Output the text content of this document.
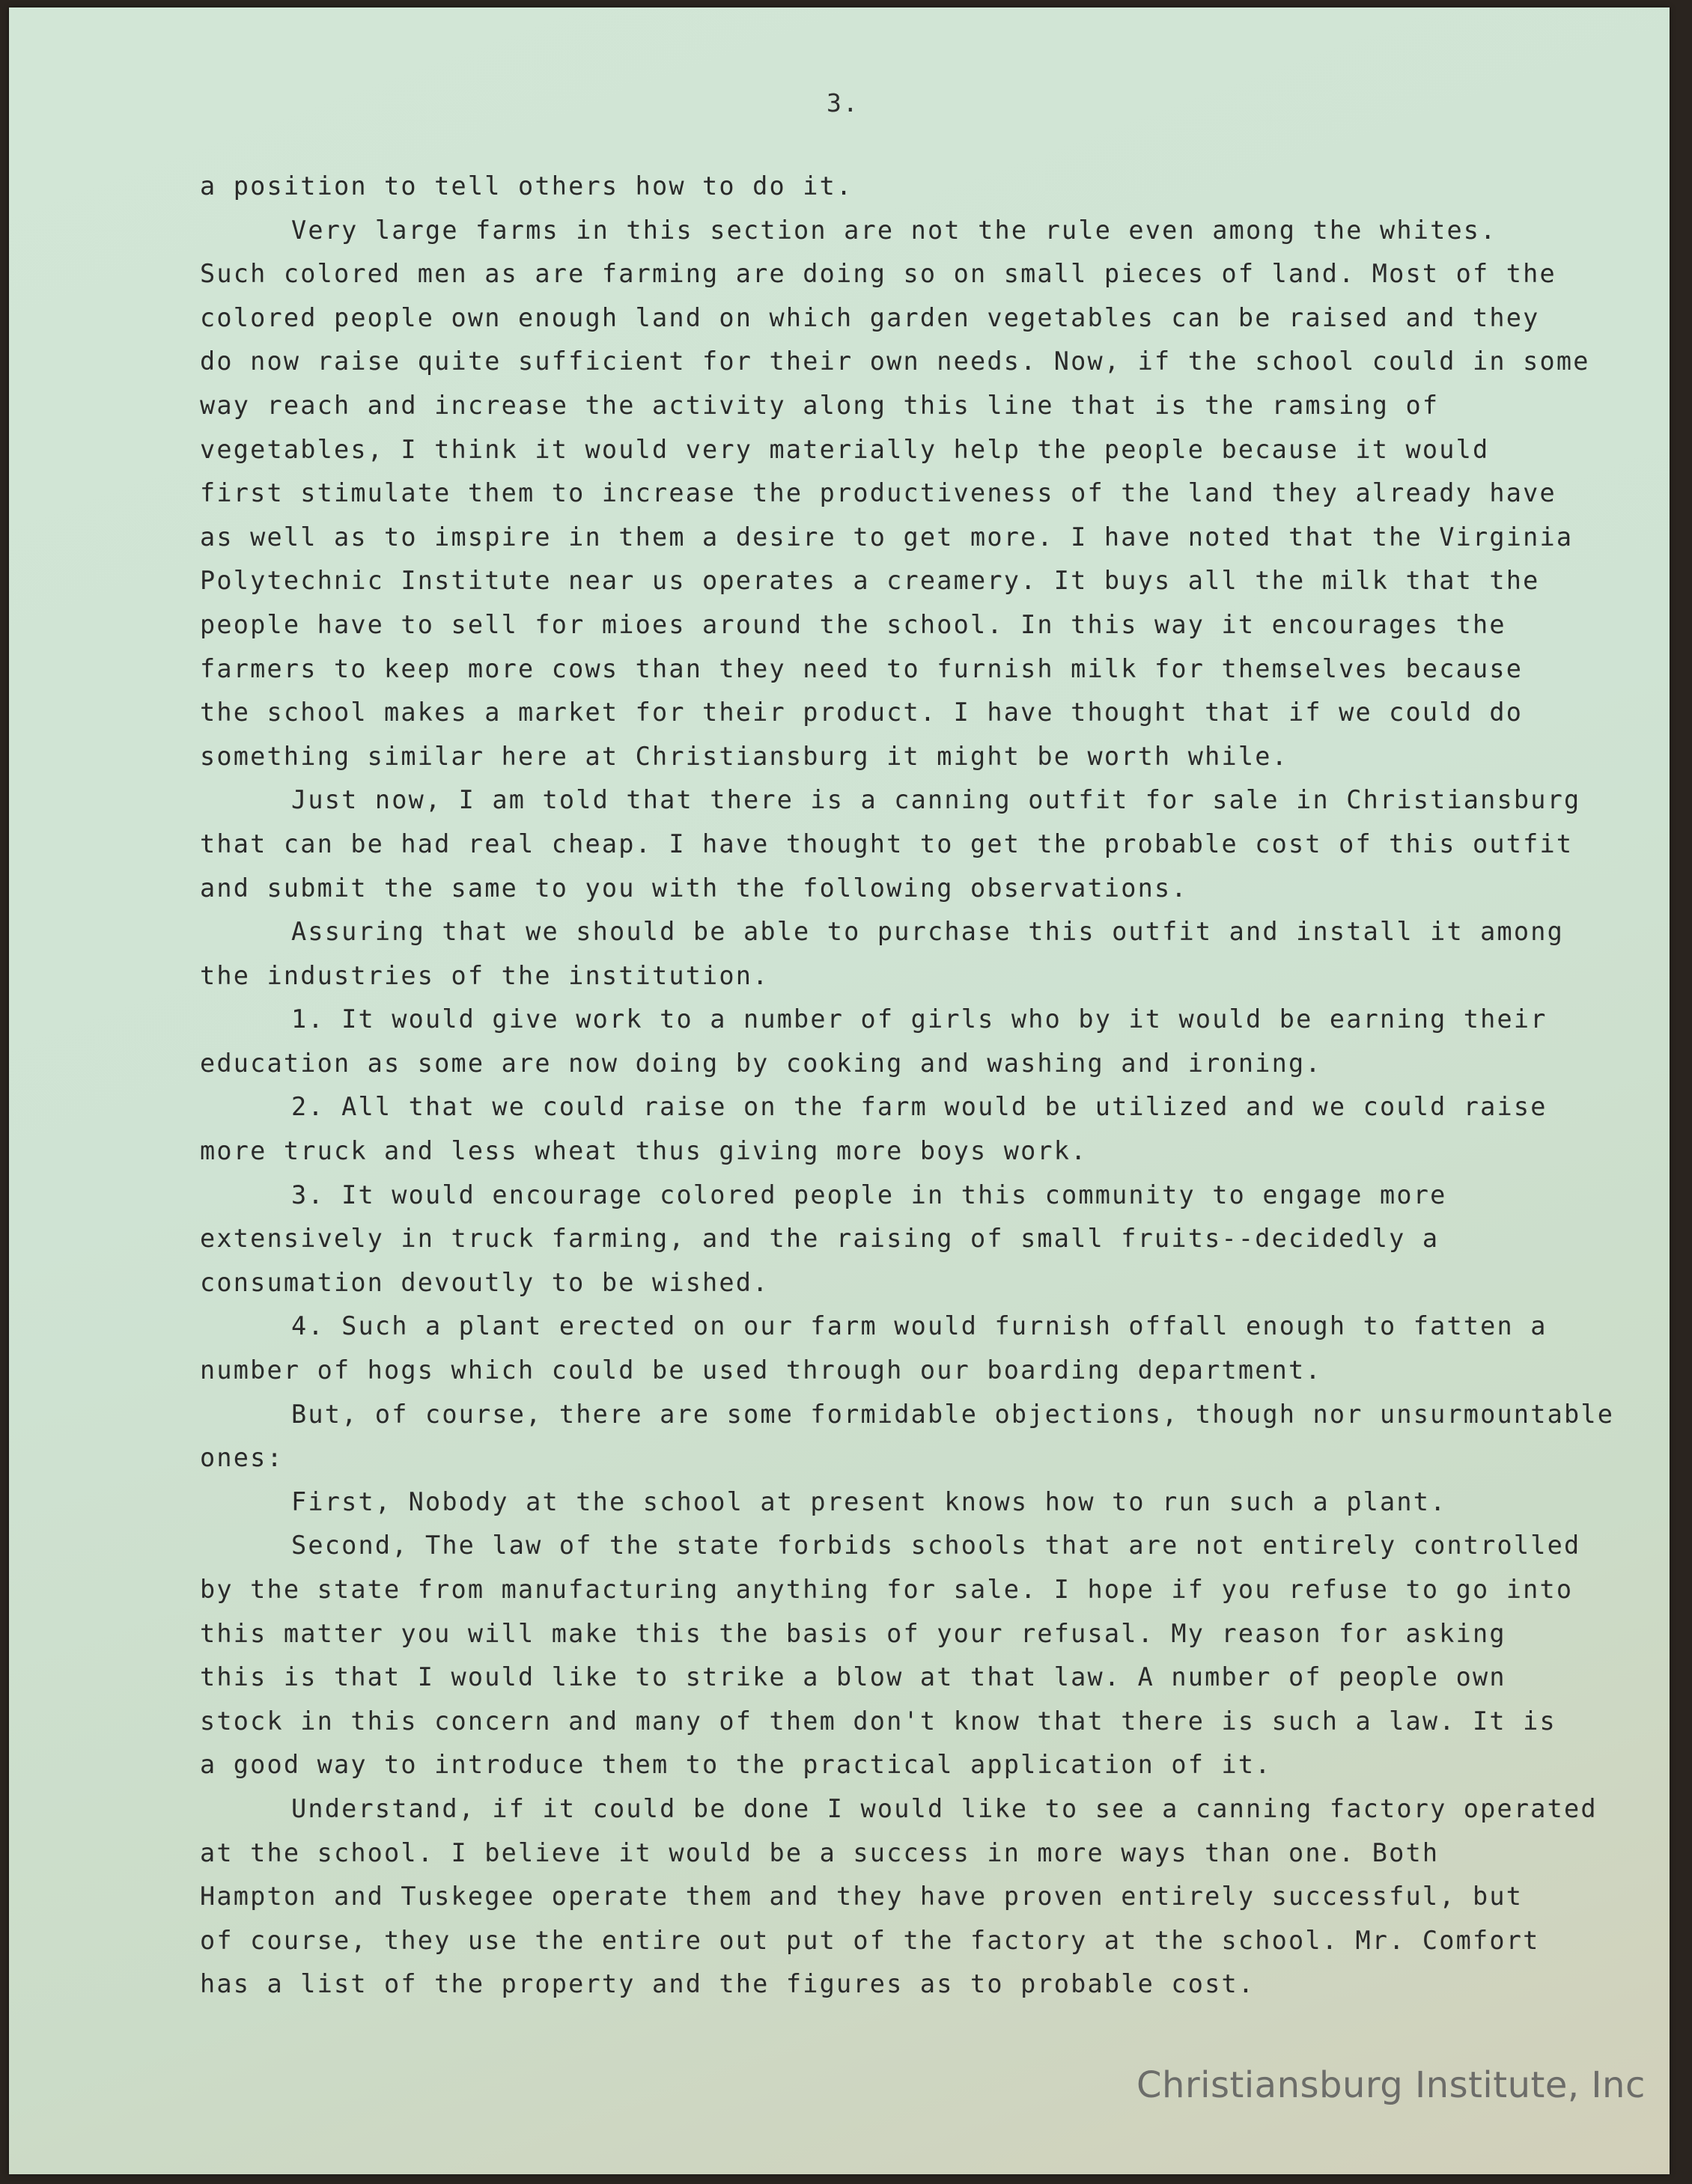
3.
a position to tell others how to do it.
Very large farms in this section are not the rule even among the whites.
Such colored men as are farming are doing so on small pieces of land. Most of the
colored people own enough land on which garden vegetables can be raised and they
do now raise quite sufficient for their own needs. Now, if the school could in some
way reach and increase the activity along this line that is the ramsing of
vegetables, I think it would very materially help the people because it would
first stimulate them to increase the productiveness of the land they already have
as well as to imspire in them a desire to get more. I have noted that the Virginia
Polytechnic Institute near us operates a creamery. It buys all the milk that the
people have to sell for mioes around the school. In this way it encourages the
farmers to keep more cows than they need to furnish milk for themselves because
the school makes a market for their product. I have thought that if we could do
something similar here at Christiansburg it might be worth while.
Just now, I am told that there is a canning outfit for sale in Christiansburg
that can be had real cheap. I have thought to get the probable cost of this outfit
and submit the same to you with the following observations.
Assuring that we should be able to purchase this outfit and install it among
the industries of the institution.
1. It would give work to a number of girls who by it would be earning their
education as some are now doing by cooking and washing and ironing.
2. All that we could raise on the farm would be utilized and we could raise
more truck and less wheat thus giving more boys work.
3. It would encourage colored people in this community to engage more
extensively in truck farming, and the raising of small fruits--decidedly a
consumation devoutly to be wished.
4. Such a plant erected on our farm would furnish offall enough to fatten a
number of hogs which could be used through our boarding department.
But, of course, there are some formidable objections, though nor unsurmountable
ones:
First, Nobody at the school at present knows how to run such a plant.
Second, The law of the state forbids schools that are not entirely controlled
by the state from manufacturing anything for sale. I hope if you refuse to go into
this matter you will make this the basis of your refusal. My reason for asking
this is that I would like to strike a blow at that law. A number of people own
stock in this concern and many of them don't know that there is such a law. It is
a good way to introduce them to the practical application of it.
Understand, if it could be done I would like to see a canning factory operated
at the school. I believe it would be a success in more ways than one. Both
Hampton and Tuskegee operate them and they have proven entirely successful, but
of course, they use the entire out put of the factory at the school. Mr. Comfort
has a list of the property and the figures as to probable cost.
Christiansburg Institute, Inc
